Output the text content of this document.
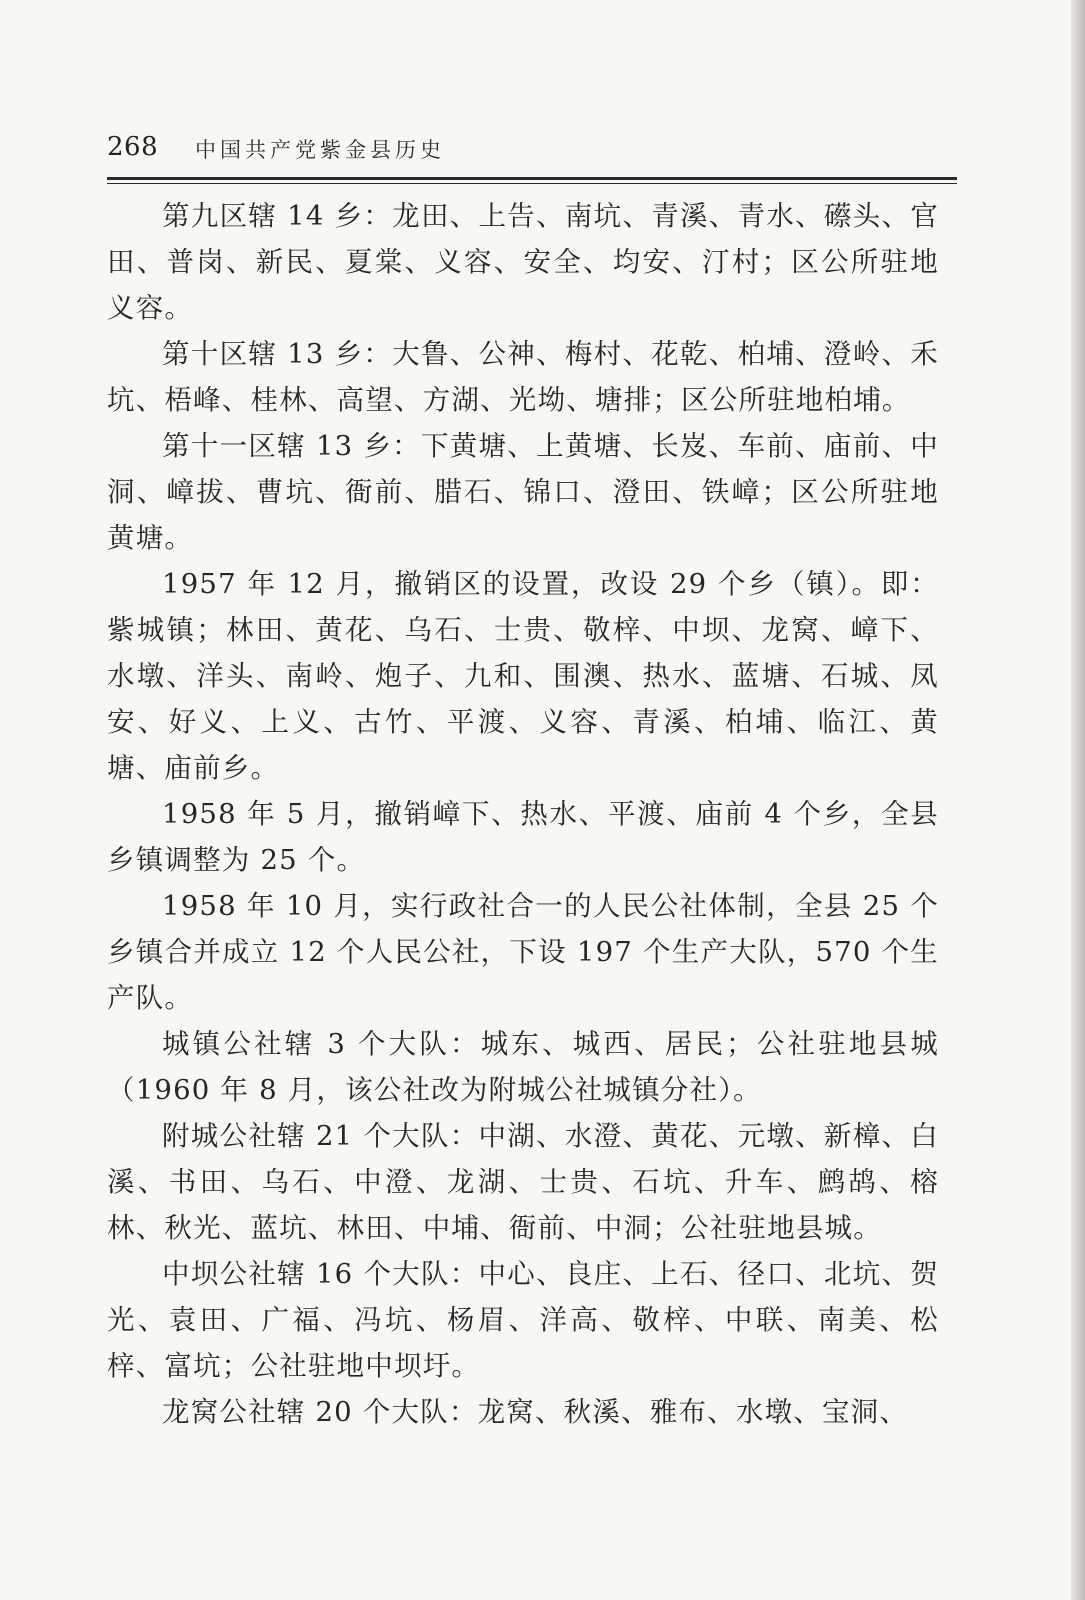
268 中国共产党紫金县历史

第九区辖 14 乡：龙田、上告、南坑、青溪、青水、礤头、官田、普岗、新民、夏棠、义容、安全、均安、汀村；区公所驻地义容。

第十区辖 13 乡：大鲁、公神、梅村、花乾、柏埔、澄岭、禾坑、梧峰、桂林、高望、方湖、光坳、塘排；区公所驻地柏埔。

第十一区辖 13 乡：下黄塘、上黄塘、长岌、车前、庙前、中洞、嶂拔、曹坑、衙前、腊石、锦口、澄田、铁嶂；区公所驻地黄塘。

1957 年 12 月，撤销区的设置，改设 29 个乡（镇）。即：紫城镇；林田、黄花、乌石、士贵、敬梓、中坝、龙窝、嶂下、水墩、洋头、南岭、炮子、九和、围澳、热水、蓝塘、石城、凤安、好义、上义、古竹、平渡、义容、青溪、柏埔、临江、黄塘、庙前乡。

1958 年 5 月，撤销嶂下、热水、平渡、庙前 4 个乡，全县乡镇调整为 25 个。

1958 年 10 月，实行政社合一的人民公社体制，全县 25 个乡镇合并成立 12 个人民公社，下设 197 个生产大队，570 个生产队。

城镇公社辖 3 个大队：城东、城西、居民；公社驻地县城（1960 年 8 月，该公社改为附城公社城镇分社）。

附城公社辖 21 个大队：中湖、水澄、黄花、元墩、新樟、白溪、书田、乌石、中澄、龙湖、士贵、石坑、升车、鹧鸪、榕林、秋光、蓝坑、林田、中埔、衙前、中洞；公社驻地县城。

中坝公社辖 16 个大队：中心、良庄、上石、径口、北坑、贺光、袁田、广福、冯坑、杨眉、洋高、敬梓、中联、南美、松梓、富坑；公社驻地中坝圩。

龙窝公社辖 20 个大队：龙窝、秋溪、雅布、水墩、宝洞、
